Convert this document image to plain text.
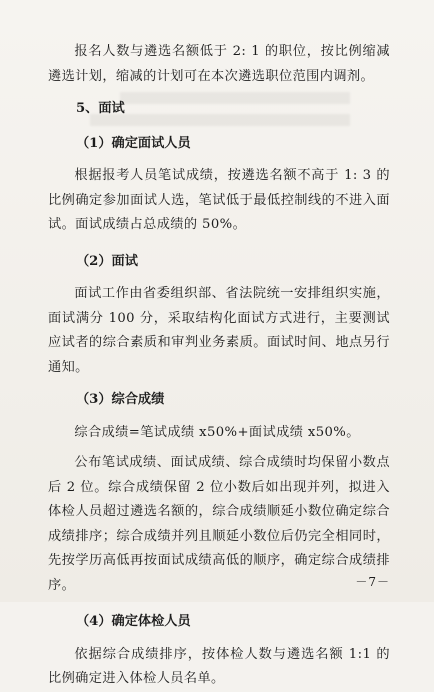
报名人数与遴选名额低于 2: 1 的职位，按比例缩减遴选计划，缩减的计划可在本次遴选职位范围内调剂。

5、面试
（1）确定面试人员

根据报考人员笔试成绩，按遴选名额不高于 1: 3 的比例确定参加面试人选，笔试低于最低控制线的不进入面试。面试成绩占总成绩的 50%。

（2）面试

面试工作由省委组织部、省法院统一安排组织实施，面试满分 100 分，采取结构化面试方式进行，主要测试应试者的综合素质和审判业务素质。面试时间、地点另行通知。

（3）综合成绩

综合成绩=笔试成绩 x50%+面试成绩 x50%。

公布笔试成绩、面试成绩、综合成绩时均保留小数点后 2 位。综合成绩保留 2 位小数后如出现并列，拟进入体检人员超过遴选名额的，综合成绩顺延小数位确定综合成绩排序；综合成绩并列且顺延小数位后仍完全相同时，先按学历高低再按面试成绩高低的顺序，确定综合成绩排序。

（4）确定体检人员

依据综合成绩排序，按体检人数与遴选名额 1:1 的比例确定进入体检人员名单。

－7－
